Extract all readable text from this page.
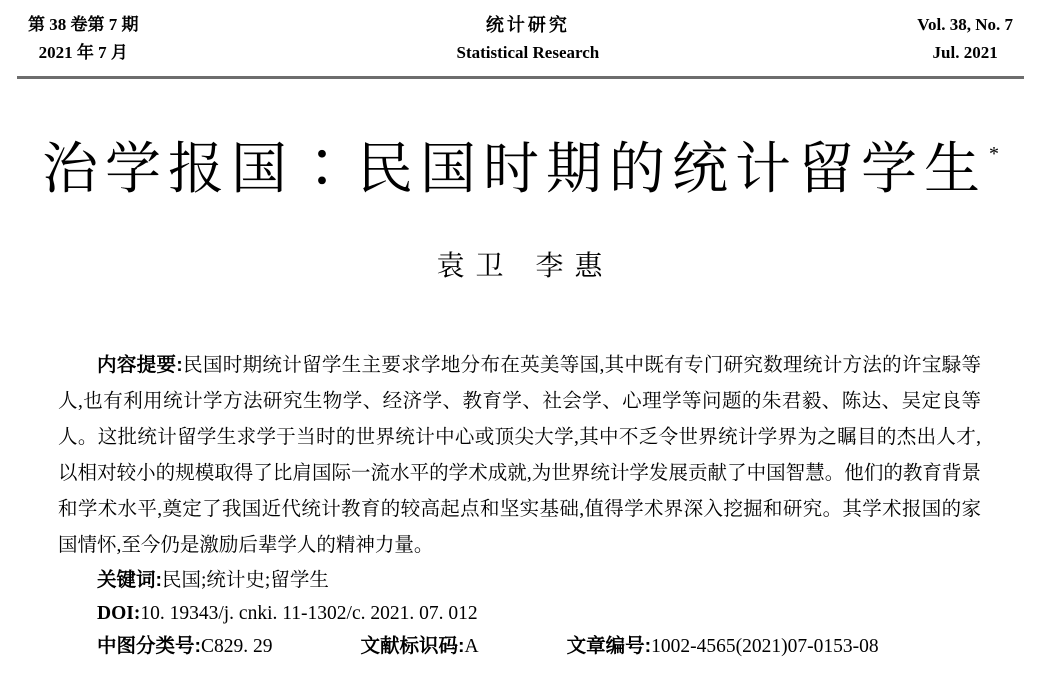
第 38 卷第 7 期
2021 年 7 月
统计研究
Statistical Research
Vol. 38, No. 7
Jul. 2021
治学报国∶民国时期的统计留学生 *
袁 卫　李 惠

内容提要:民国时期统计留学生主要求学地分布在英美等国,其中既有专门研究数理统计方法的许宝騄等人,也有利用统计学方法研究生物学、经济学、教育学、社会学、心理学等问题的朱君毅、陈达、吴定良等人。这批统计留学生求学于当时的世界统计中心或顶尖大学,其中不乏令世界统计学界为之瞩目的杰出人才,以相对较小的规模取得了比肩国际一流水平的学术成就,为世界统计学发展贡献了中国智慧。他们的教育背景和学术水平,奠定了我国近代统计教育的较高起点和坚实基础,值得学术界深入挖掘和研究。其学术报国的家国情怀,至今仍是激励后辈学人的精神力量。

关键词:民国;统计史;留学生

DOI:10. 19343/j. cnki. 11-1302/c. 2021. 07. 012

中图分类号:C829. 29	文献标识码:A	文章编号:1002-4565(2021)07-0153-08
